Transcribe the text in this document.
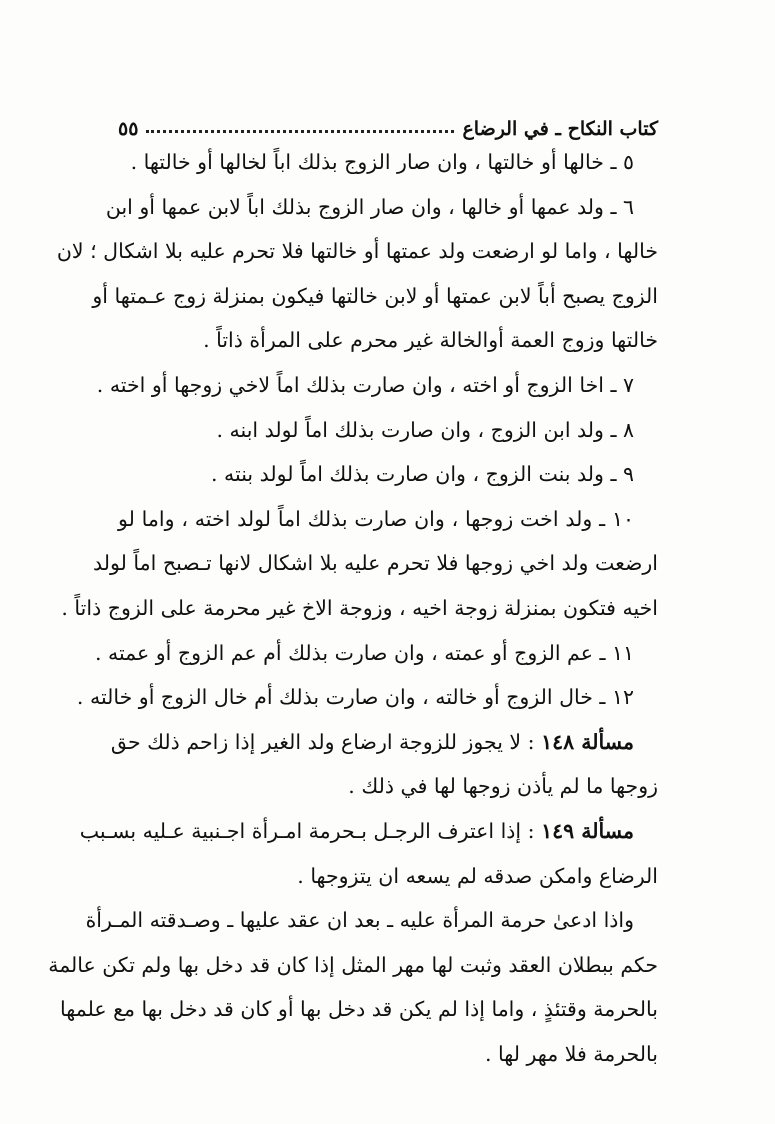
كتاب النكاح ـ في الرضاع
٥٥
٥ ـ خالها أو خالتها ، وان صار الزوج بذلك اباً لخالها أو خالتها .
٦ ـ ولد عمها أو خالها ، وان صار الزوج بذلك اباً لابن عمها أو ابن
خالها ، واما لو ارضعت ولد عمتها أو خالتها فلا تحرم عليه بلا اشكال ؛ لان
الزوج يصبح أباً لابن عمتها أو لابن خالتها فيكون بمنزلة زوج عـمتها أو
خالتها وزوج العمة أوالخالة غير محرم على المرأة ذاتاً .
٧ ـ اخا الزوج أو اخته ، وان صارت بذلك اماً لاخي زوجها أو اخته .
٨ ـ ولد ابن الزوج ، وان صارت بذلك اماً لولد ابنه .
٩ ـ ولد بنت الزوج ، وان صارت بذلك اماً لولد بنته .
١٠ ـ ولد اخت زوجها ، وان صارت بذلك اماً لولد اخته ، واما لو
ارضعت ولد اخي زوجها فلا تحرم عليه بلا اشكال لانها تـصبح اماً لولد
اخيه فتكون بمنزلة زوجة اخيه ، وزوجة الاخ غير محرمة على الزوج ذاتاً .
١١ ـ عم الزوج أو عمته ، وان صارت بذلك أم عم الزوج أو عمته .
١٢ ـ خال الزوج أو خالته ، وان صارت بذلك أم خال الزوج أو خالته .
مسألة ١٤٨ : لا يجوز للزوجة ارضاع ولد الغير إذا زاحم ذلك حق
زوجها ما لم يأذن زوجها لها في ذلك .
مسألة ١٤٩ : إذا اعترف الرجـل بـحرمة امـرأة اجـنبية عـليه بسـبب
الرضاع وامكن صدقه لم يسعه ان يتزوجها .
واذا ادعىٰ حرمة المرأة عليه ـ بعد ان عقد عليها ـ وصـدقته المـرأة
حكم ببطلان العقد وثبت لها مهر المثل إذا كان قد دخل بها ولم تكن عالمة
بالحرمة وقتئذٍ ، واما إذا لم يكن قد دخل بها أو كان قد دخل بها مع علمها
بالحرمة فلا مهر لها .
